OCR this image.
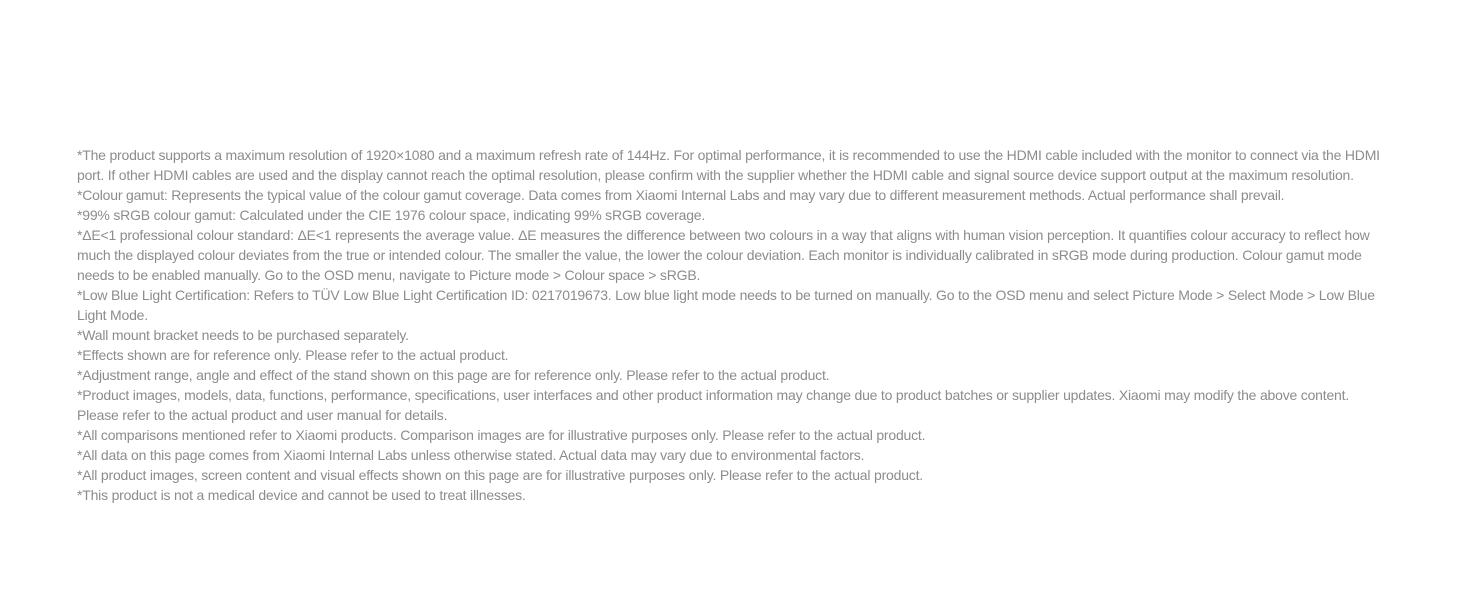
*The product supports a maximum resolution of 1920×1080 and a maximum refresh rate of 144Hz. For optimal performance, it is recommended to use the HDMI cable included with the monitor to connect via the HDMI port. If other HDMI cables are used and the display cannot reach the optimal resolution, please confirm with the supplier whether the HDMI cable and signal source device support output at the maximum resolution.

*Colour gamut: Represents the typical value of the colour gamut coverage. Data comes from Xiaomi Internal Labs and may vary due to different measurement methods. Actual performance shall prevail.

*99% sRGB colour gamut: Calculated under the CIE 1976 colour space, indicating 99% sRGB coverage.

*ΔE<1 professional colour standard: ΔE<1 represents the average value. ΔE measures the difference between two colours in a way that aligns with human vision perception. It quantifies colour accuracy to reflect how much the displayed colour deviates from the true or intended colour. The smaller the value, the lower the colour deviation. Each monitor is individually calibrated in sRGB mode during production. Colour gamut mode needs to be enabled manually. Go to the OSD menu, navigate to Picture mode > Colour space > sRGB.

*Low Blue Light Certification: Refers to TÜV Low Blue Light Certification ID: 0217019673. Low blue light mode needs to be turned on manually. Go to the OSD menu and select Picture Mode > Select Mode > Low Blue Light Mode.

*Wall mount bracket needs to be purchased separately.

*Effects shown are for reference only. Please refer to the actual product.

*Adjustment range, angle and effect of the stand shown on this page are for reference only. Please refer to the actual product.

*Product images, models, data, functions, performance, specifications, user interfaces and other product information may change due to product batches or supplier updates. Xiaomi may modify the above content. Please refer to the actual product and user manual for details.

*All comparisons mentioned refer to Xiaomi products. Comparison images are for illustrative purposes only. Please refer to the actual product.

*All data on this page comes from Xiaomi Internal Labs unless otherwise stated. Actual data may vary due to environmental factors.

*All product images, screen content and visual effects shown on this page are for illustrative purposes only. Please refer to the actual product.

*This product is not a medical device and cannot be used to treat illnesses.
